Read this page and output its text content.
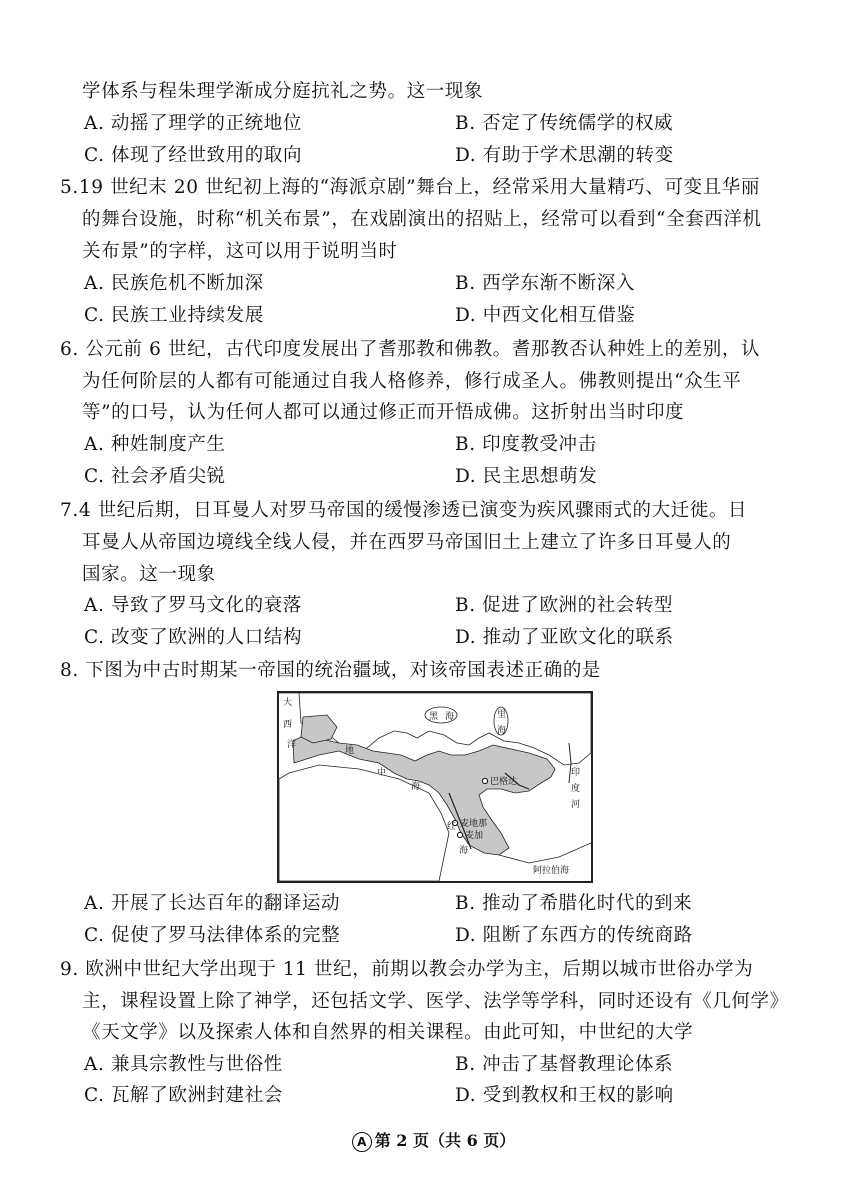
学体系与程朱理学渐成分庭抗礼之势。这一现象
A. 动摇了理学的正统地位	B. 否定了传统儒学的权威
C. 体现了经世致用的取向	D. 有助于学术思潮的转变
5.19 世纪末 20 世纪初上海的“海派京剧”舞台上，经常采用大量精巧、可变且华丽
的舞台设施，时称“机关布景”，在戏剧演出的招贴上，经常可以看到“全套西洋机
关布景”的字样，这可以用于说明当时
A. 民族危机不断加深	B. 西学东渐不断深入
C. 民族工业持续发展	D. 中西文化相互借鉴
6. 公元前 6 世纪，古代印度发展出了耆那教和佛教。耆那教否认种姓上的差别，认
为任何阶层的人都有可能通过自我人格修养，修行成圣人。佛教则提出“众生平
等”的口号，认为任何人都可以通过修正而开悟成佛。这折射出当时印度
A. 种姓制度产生	B. 印度教受冲击
C. 社会矛盾尖锐	D. 民主思想萌发
7.4 世纪后期，日耳曼人对罗马帝国的缓慢渗透已演变为疾风骤雨式的大迁徙。日
耳曼人从帝国边境线全线人侵，并在西罗马帝国旧土上建立了许多日耳曼人的
国家。这一现象
A. 导致了罗马文化的衰落	B. 促进了欧洲的社会转型
C. 改变了欧洲的人口结构	D. 推动了亚欧文化的联系
8. 下图为中古时期某一帝国的统治疆域，对该帝国表述正确的是
大
西
洋
地
中
海
黑 海	里
海
巴格达
印
度
河
麦地那
麦加
红
海
阿拉伯海
A. 开展了长达百年的翻译运动	B. 推动了希腊化时代的到来
C. 促使了罗马法律体系的完整	D. 阻断了东西方的传统商路
9. 欧洲中世纪大学出现于 11 世纪，前期以教会办学为主，后期以城市世俗办学为
主，课程设置上除了神学，还包括文学、医学、法学等学科，同时还设有《几何学》
《天文学》以及探索人体和自然界的相关课程。由此可知，中世纪的大学
A. 兼具宗教性与世俗性	B. 冲击了基督教理论体系
C. 瓦解了欧洲封建社会	D. 受到教权和王权的影响
A 第 2 页（共 6 页）
